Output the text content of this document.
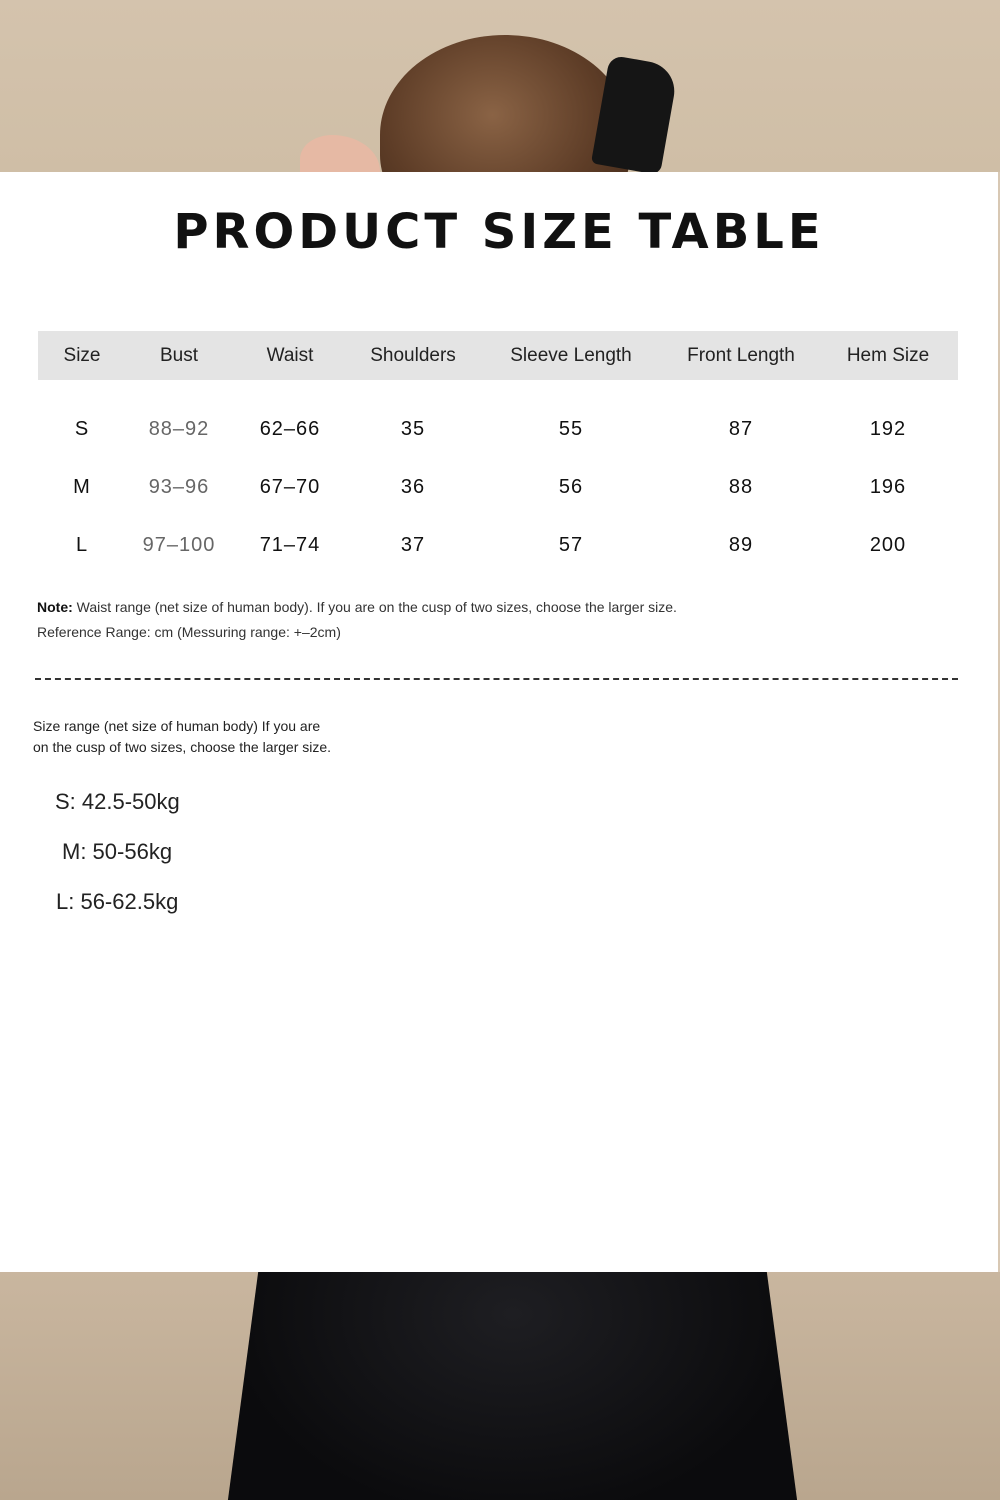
PRODUCT SIZE TABLE
Size	Bust	Waist	Shoulders	Sleeve Length	Front Length	Hem Size
S	88–92	62–66	35	55	87	192
M	93–96	67–70	36	56	88	196
L	97–100	71–74	37	57	89	200
Note: Waist range (net size of human body). If you are on the cusp of two sizes, choose the larger size.
Reference Range: cm (Messuring range: +–2cm)
Size range (net size of human body) If you are
on the cusp of two sizes, choose the larger size.
S: 42.5-50kg
M: 50-56kg
L: 56-62.5kg
